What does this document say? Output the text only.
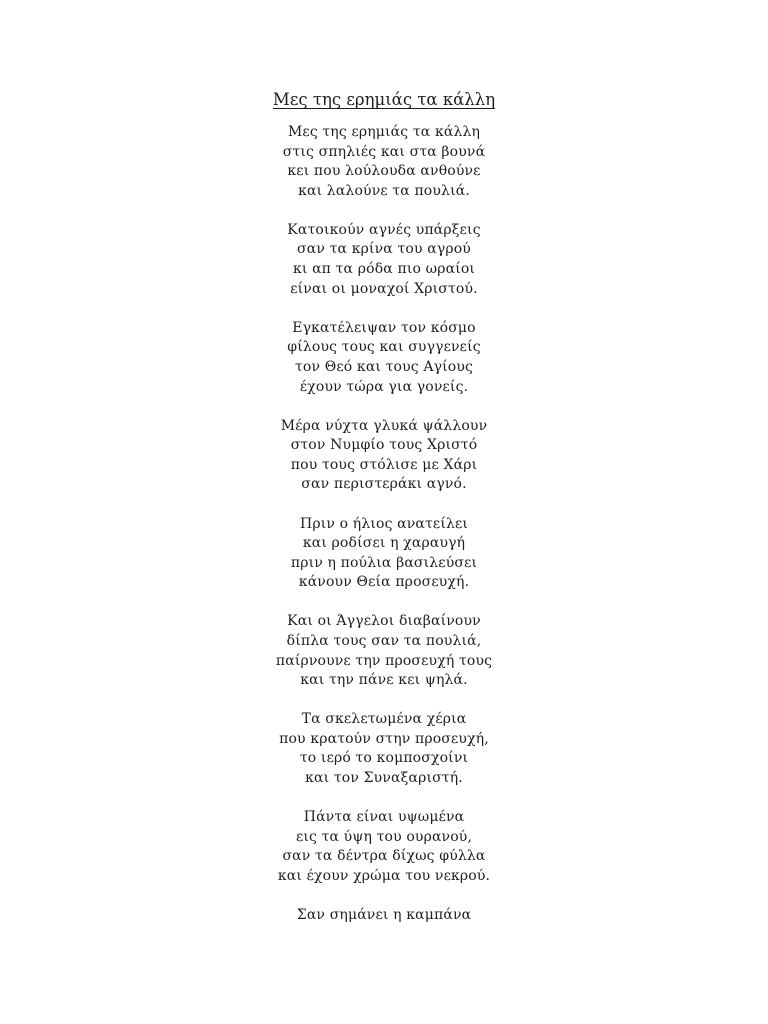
Μες της ερημιάς τα κάλλη
Μες της ερημιάς τα κάλλη
στις σπηλιές και στα βουνά
κει που λούλουδα ανθούνε
και λαλούνε τα πουλιά.
Κατοικούν αγνές υπάρξεις
σαν τα κρίνα του αγρού
κι απ τα ρόδα πιο ωραίοι
είναι οι μοναχοί Χριστού.
Εγκατέλειψαν τον κόσμο
φίλους τους και συγγενείς
τον Θεό και τους Αγίους
έχουν τώρα για γονείς.
Μέρα νύχτα γλυκά ψάλλουν
στον Νυμφίο τους Χριστό
που τους στόλισε με Χάρι
σαν περιστεράκι αγνό.
Πριν ο ήλιος ανατείλει
και ροδίσει η χαραυγή
πριν η πούλια βασιλεύσει
κάνουν Θεία προσευχή.
Και οι Άγγελοι διαβαίνουν
δίπλα τους σαν τα πουλιά,
παίρνουνε την προσευχή τους
και την πάνε κει ψηλά.
Τα σκελετωμένα χέρια
που κρατούν στην προσευχή,
το ιερό το κομποσχοίνι
και τον Συναξαριστή.
Πάντα είναι υψωμένα
εις τα ύψη του ουρανού,
σαν τα δέντρα δίχως φύλλα
και έχουν χρώμα του νεκρού.
Σαν σημάνει η καμπάνα
